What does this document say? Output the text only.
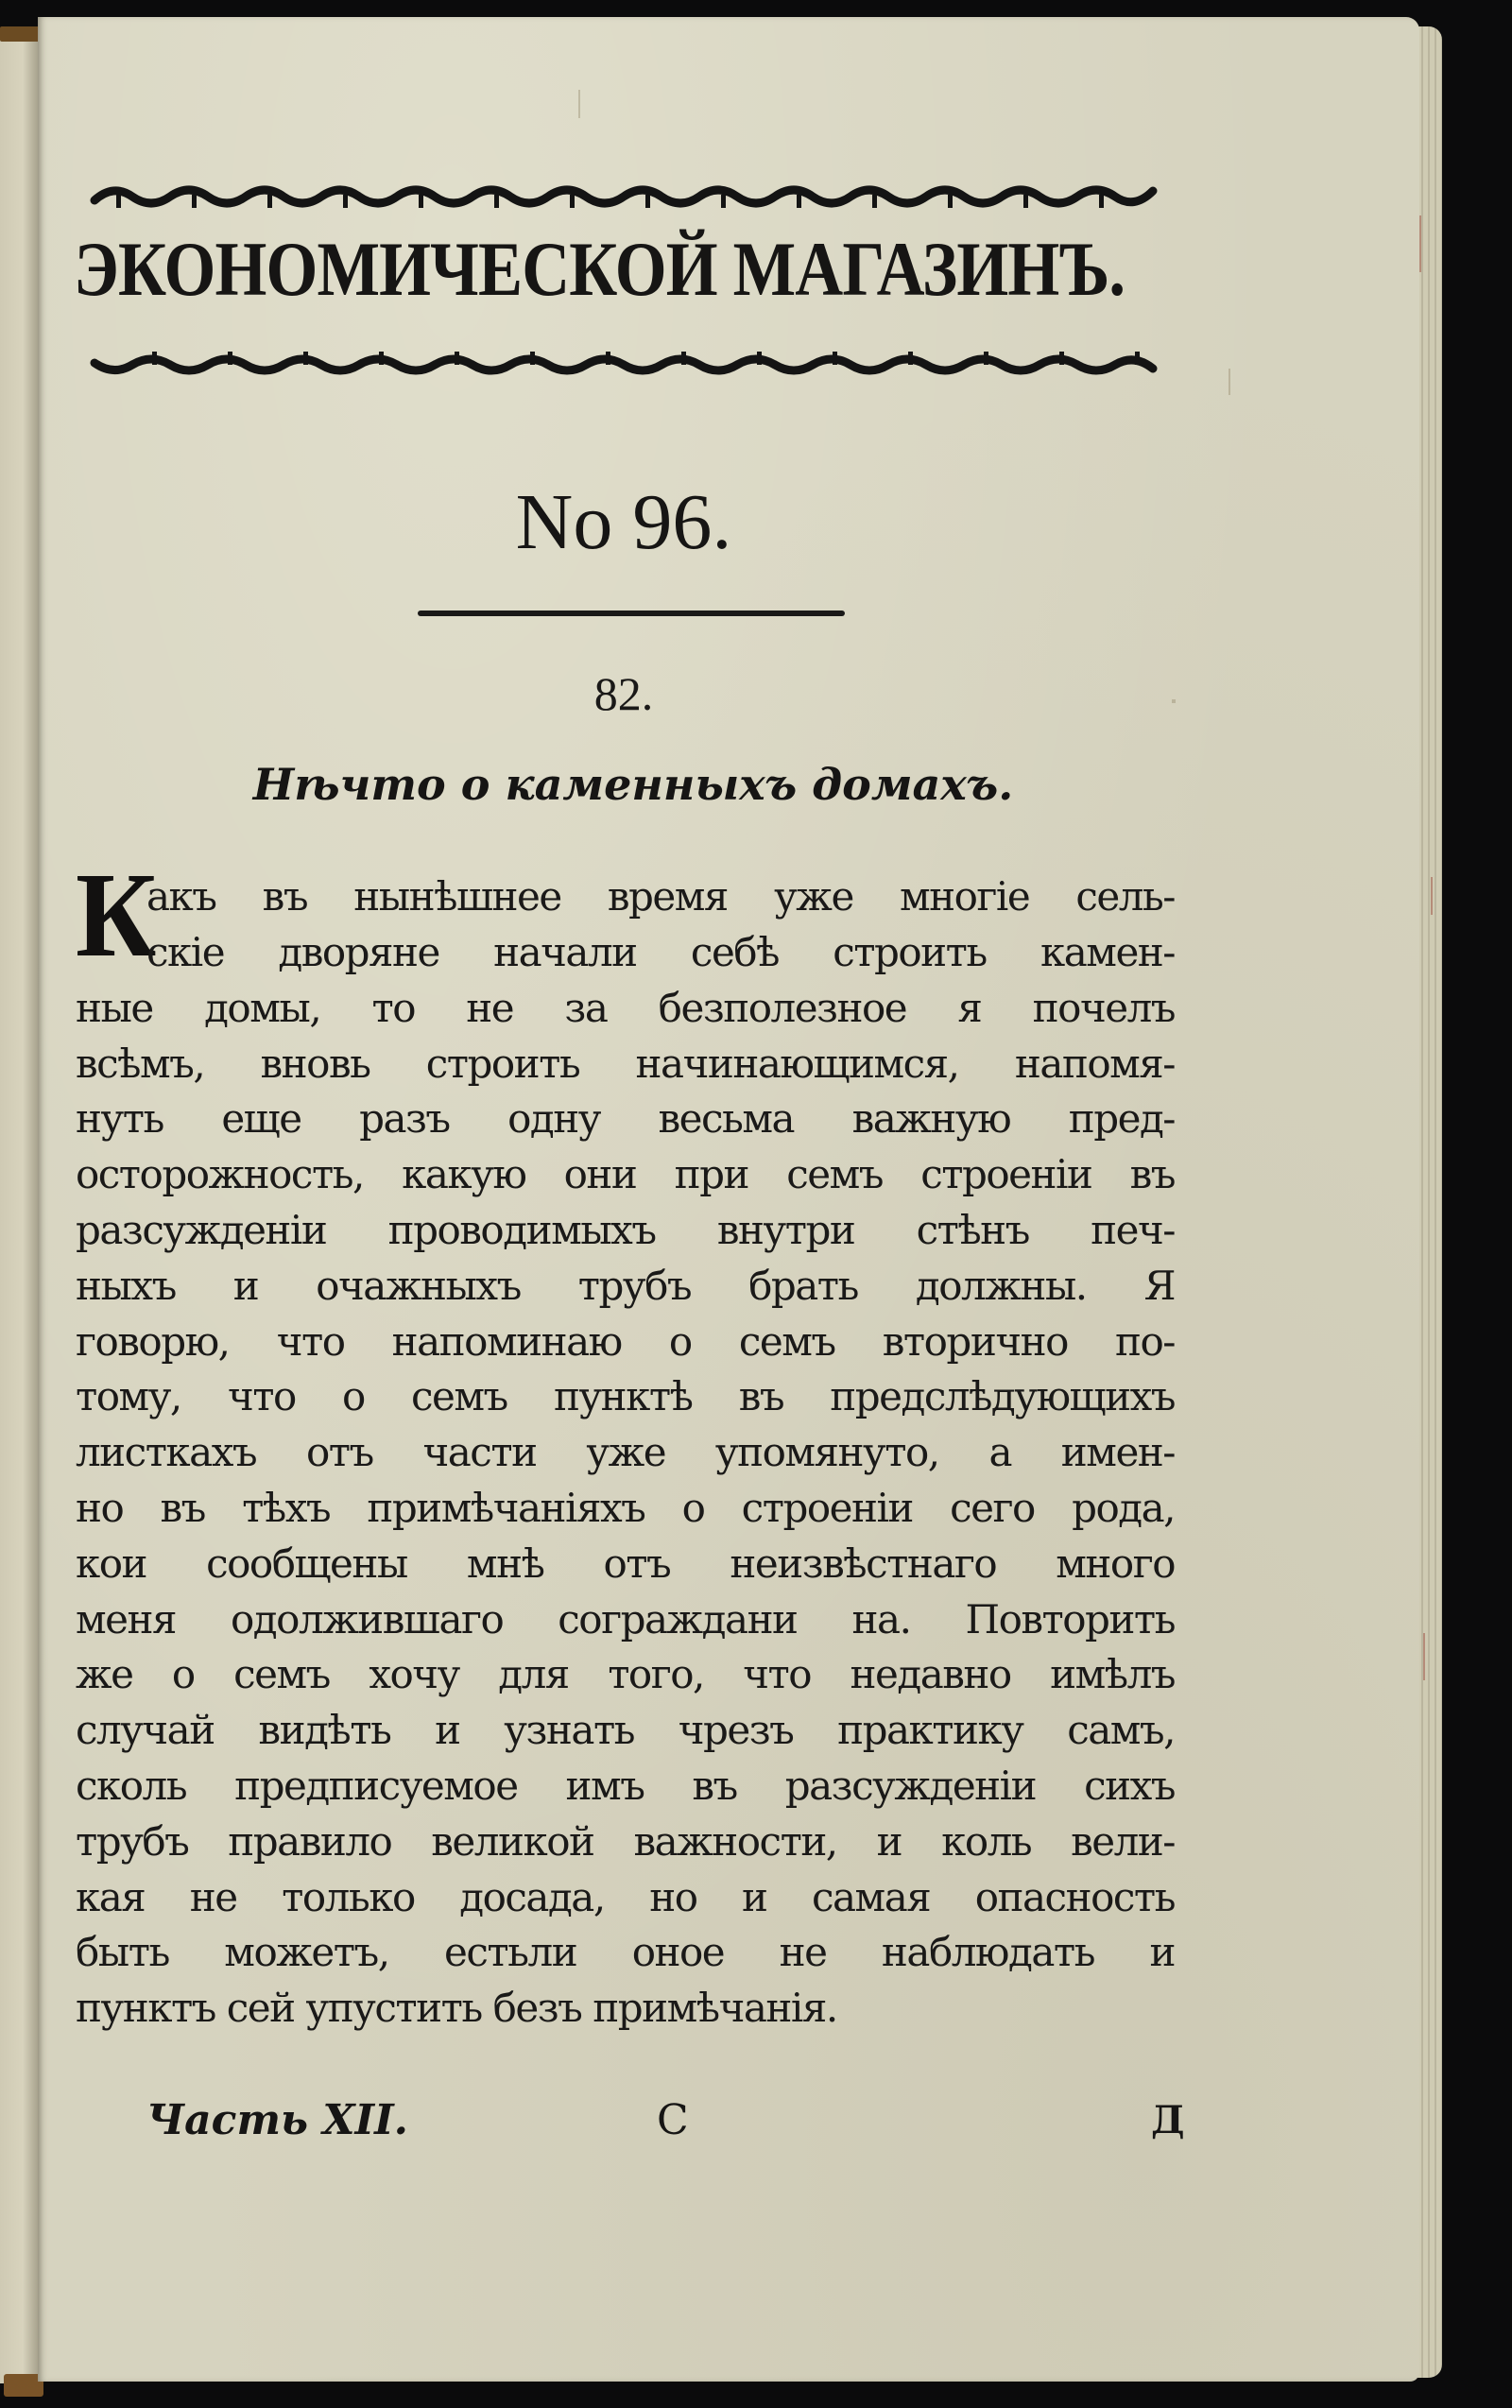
ЭКОНОМИЧЕСКОЙ МАГАЗИНЪ.
No 96.
82.
Нѣчто о каменныхъ домахъ.
К
акъ въ нынѣшнее время уже многіе сель-
скіе дворяне начали себѣ строить камен-
ные домы, то не за безполезное я почелъ
всѣмъ, вновь строить начинающимся, напомя-
нуть еще разъ одну весьма важную пред-
осторожность, какую они при семъ строеніи въ
разсужденіи проводимыхъ внутри стѣнъ печ-
ныхъ и очажныхъ трубъ брать должны. Я
говорю, что напоминаю о семъ вторично по-
тому, что о семъ пунктѣ въ предслѣдующихъ
листкахъ отъ части уже упомянуто, а имен-
но въ тѣхъ примѣчаніяхъ о строеніи сего рода,
кои сообщены мнѣ отъ неизвѣстнаго много
меня одолжившаго сограждани на. Повторить
же о семъ хочу для того, что недавно имѣлъ
случай видѣть и узнать чрезъ практику самъ,
сколь предписуемое имъ въ разсужденіи сихъ
трубъ правило великой важности, и коль вели-
кая не только досада, но и самая опасность
быть можетъ, естьли оное не наблюдать и
пунктъ сей упустить безъ примѣчанія.
Часть XII.	С	Д
